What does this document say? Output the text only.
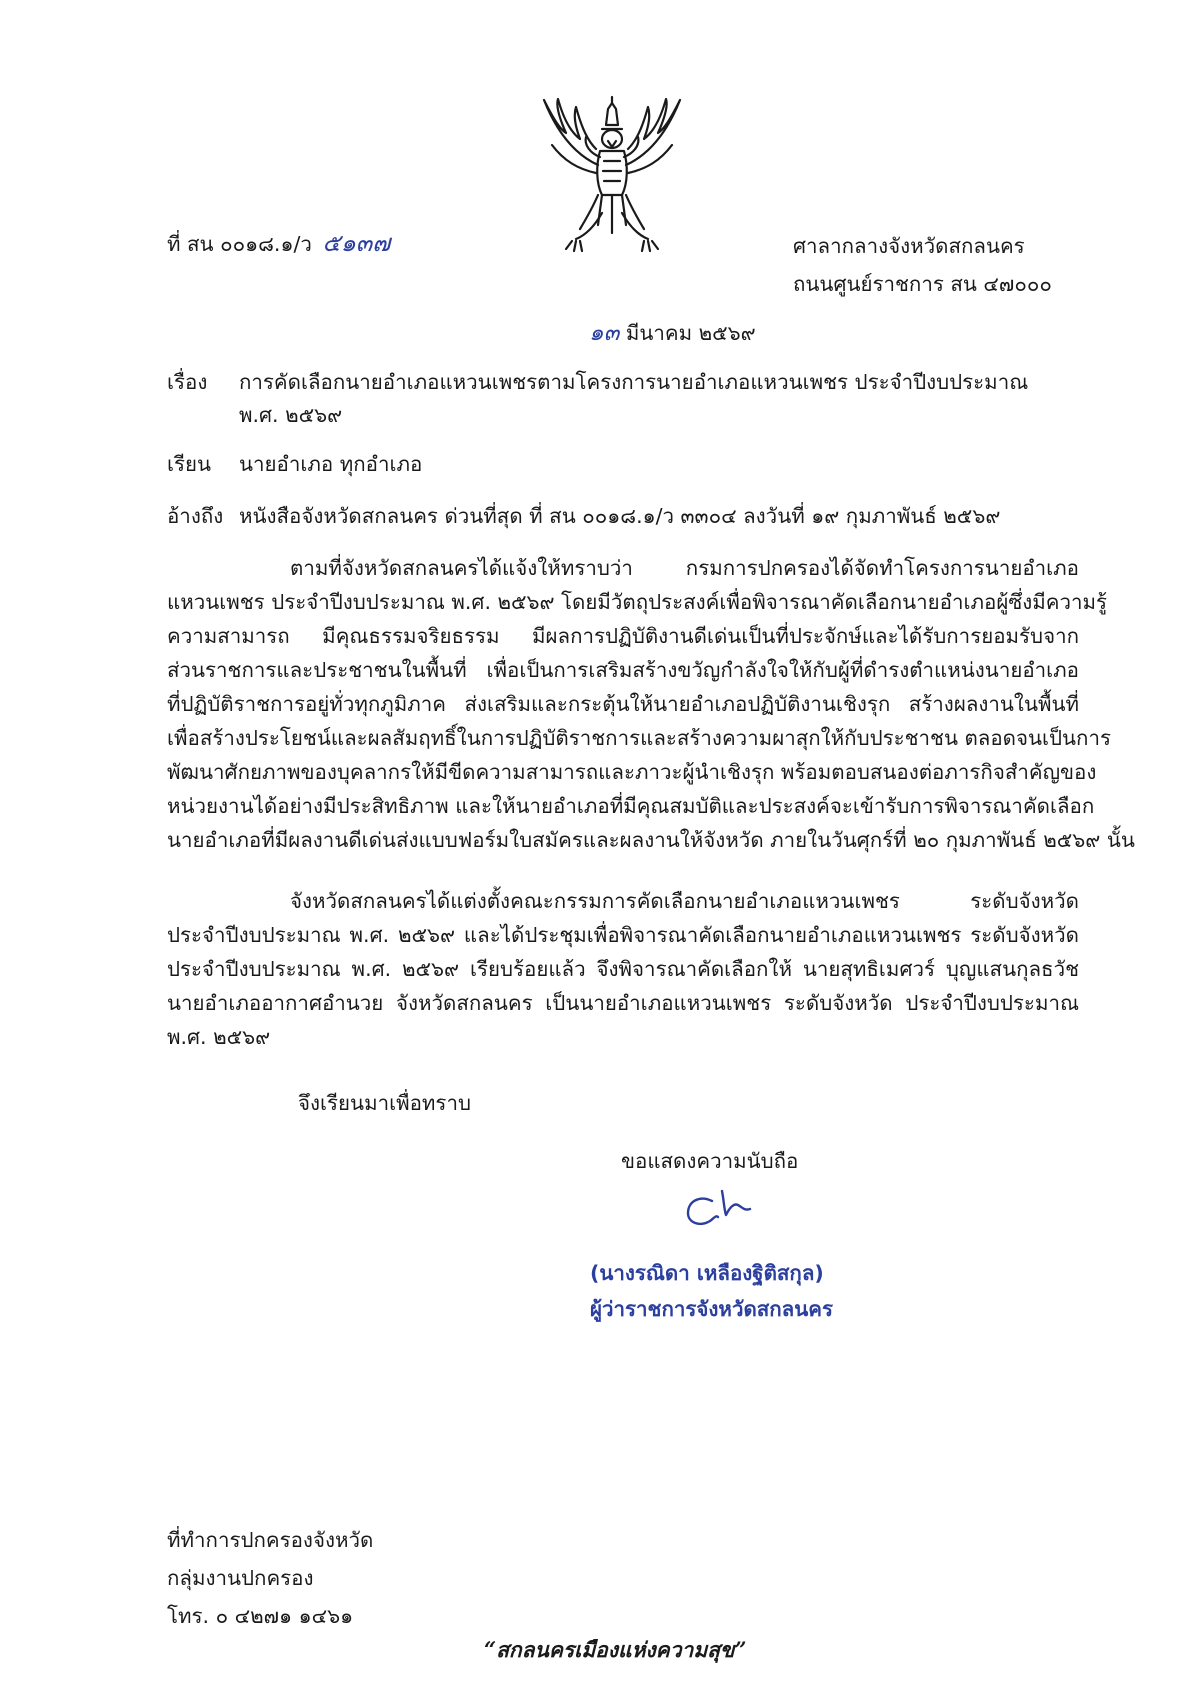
ที่ สน ๐๐๑๘.๑/ว ๕๑๓๗	ศาลากลางจังหวัดสกลนคร
ถนนศูนย์ราชการ สน ๔๗๐๐๐
๑๓ มีนาคม ๒๕๖๙
เรื่อง การคัดเลือกนายอำเภอแหวนเพชรตามโครงการนายอำเภอแหวนเพชร ประจำปีงบประมาณ
พ.ศ. ๒๕๖๙
เรียน นายอำเภอ ทุกอำเภอ
อ้างถึง หนังสือจังหวัดสกลนคร ด่วนที่สุด ที่ สน ๐๐๑๘.๑/ว ๓๓๐๔ ลงวันที่ ๑๙ กุมภาพันธ์ ๒๕๖๙
ตามที่จังหวัดสกลนครได้แจ้งให้ทราบว่า กรมการปกครองได้จัดทำโครงการนายอำเภอ
แหวนเพชร ประจำปีงบประมาณ พ.ศ. ๒๕๖๙ โดยมีวัตถุประสงค์เพื่อพิจารณาคัดเลือกนายอำเภอผู้ซึ่งมีความรู้
ความสามารถ มีคุณธรรมจริยธรรม มีผลการปฏิบัติงานดีเด่นเป็นที่ประจักษ์และได้รับการยอมรับจาก
ส่วนราชการและประชาชนในพื้นที่ เพื่อเป็นการเสริมสร้างขวัญกำลังใจให้กับผู้ที่ดำรงตำแหน่งนายอำเภอ
ที่ปฏิบัติราชการอยู่ทั่วทุกภูมิภาค ส่งเสริมและกระตุ้นให้นายอำเภอปฏิบัติงานเชิงรุก สร้างผลงานในพื้นที่
เพื่อสร้างประโยชน์และผลสัมฤทธิ์ในการปฏิบัติราชการและสร้างความผาสุกให้กับประชาชน ตลอดจนเป็นการ
พัฒนาศักยภาพของบุคลากรให้มีขีดความสามารถและภาวะผู้นำเชิงรุก พร้อมตอบสนองต่อภารกิจสำคัญของ
หน่วยงานได้อย่างมีประสิทธิภาพ และให้นายอำเภอที่มีคุณสมบัติและประสงค์จะเข้ารับการพิจารณาคัดเลือก
นายอำเภอที่มีผลงานดีเด่นส่งแบบฟอร์มใบสมัครและผลงานให้จังหวัด ภายในวันศุกร์ที่ ๒๐ กุมภาพันธ์ ๒๕๖๙ นั้น
จังหวัดสกลนครได้แต่งตั้งคณะกรรมการคัดเลือกนายอำเภอแหวนเพชร ระดับจังหวัด
ประจำปีงบประมาณ พ.ศ. ๒๕๖๙ และได้ประชุมเพื่อพิจารณาคัดเลือกนายอำเภอแหวนเพชร ระดับจังหวัด
ประจำปีงบประมาณ พ.ศ. ๒๕๖๙ เรียบร้อยแล้ว จึงพิจารณาคัดเลือกให้ นายสุทธิเมศวร์ บุญแสนกุลธวัช
นายอำเภออากาศอำนวย จังหวัดสกลนคร เป็นนายอำเภอแหวนเพชร ระดับจังหวัด ประจำปีงบประมาณ
พ.ศ. ๒๕๖๙
จึงเรียนมาเพื่อทราบ
ขอแสดงความนับถือ
(นางรณิดา เหลืองฐิติสกุล)
ผู้ว่าราชการจังหวัดสกลนคร
ที่ทำการปกครองจังหวัด
กลุ่มงานปกครอง
โทร. ๐ ๔๒๗๑ ๑๔๖๑
“สกลนครเมืองแห่งความสุข”
